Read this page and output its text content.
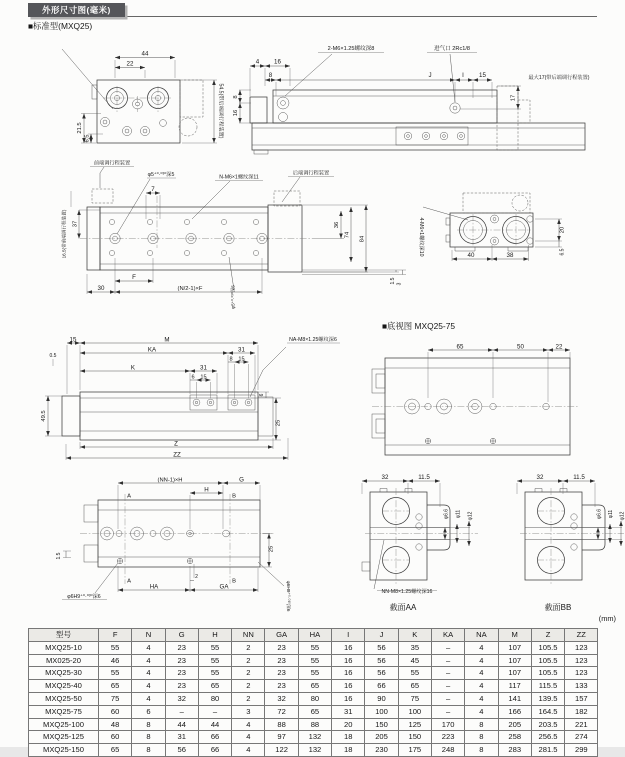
外形尺寸图(毫米)
■标准型(MXQ25)
■底视图 MXQ25-75
截面AA	截面BB
(mm)
44
22
21.5
6.5	54.5(带后端调行程装置)
2-M6×1.25螺纹深8	进气口 2Rc1/8
4 16
8	J	I 15	最大17(带后端调行程装置)
17
8
16
前端调行程装置
φ5⁺⁰·⁰³⁰深5	N-M6×1螺纹深11
后端调行程装置
7
16.5(带前端调行程装置) 37
30
F
(N/2-1)×F
36
74
84
1.5 3
φ5⁺⁰·⁰³⁰深5
4-M6×1螺纹深10	40	38
20
6.5
0.5
15	M
KA	31
8 15
K	31
6 15
NA-M8×1.25螺纹深6
49.5
6
25
Z
ZZ
65	50	22
(NN-1)×H	G
H
A	B
A	B
1.5
25
2
HA	GA
φ6H9⁺⁰·⁰³⁰深6	φ6H9⁺⁰·⁰³⁰深6
32	11.5
φ6.6 φ11 φ12
NN-M8×1.25螺纹深16
32	11.5
φ6.6 φ11 φ12
型号	F	N	G	H	NN	GA	HA	I	J	K	KA	NA	M	Z	ZZ
MXQ25-10	55	4	23	55	2	23	55	16	56	35	–	4	107	105.5	123
MX025-20	46	4	23	55	2	23	55	16	56	45	–	4	107	105.5	123
MXQ25-30	55	4	23	55	2	23	55	16	56	55	–	4	107	105.5	123
MXQ25-40	65	4	23	65	2	23	65	16	66	65	–	4	117	115.5	133
MXQ25-50	75	4	32	80	2	32	80	16	90	75	–	4	141	139.5	157
MXQ25-75	60	6	–	–	3	72	65	31	100	100	–	4	166	164.5	182
MXQ25-100	48	8	44	44	4	88	88	20	150	125	170	8	205	203.5	221
MXQ25-125	60	8	31	66	4	97	132	18	205	150	223	8	258	256.5	274
MXQ25-150	65	8	56	66	4	122	132	18	230	175	248	8	283	281.5	299
